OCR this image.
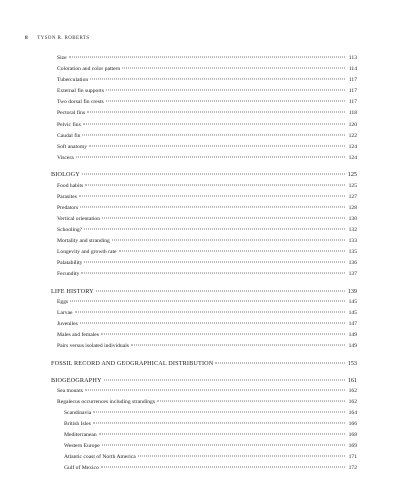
8 TYSON R. ROBERTS
Size	113
Coloration and color pattern	114
Tuberculation	117
External fin supports	117
Two dorsal fin crests	117
Pectoral fins	118
Pelvic fins	120
Caudal fin	122
Soft anatomy	124
Viscera	124
BIOLOGY	125
Food habits	125
Parasites	127
Predators	128
Vertical orientation	130
Schooling?	132
Mortality and stranding	133
Longevity and growth rate	135
Palatability	136
Fecundity	137
LIFE HISTORY	139
Eggs	145
Larvae	145
Juveniles	147
Males and females	149
Pairs versus isolated individuals	149
FOSSIL RECORD AND GEOGRAPHICAL DISTRIBUTION	153
BIOGEOGRAPHY	161
Sea mounts	162
Regalecus occurrences including strandings	162
Scandinavia	164
British Isles	166
Mediterranean	168
Western Europe	169
Atlantic coast of North America	171
Gulf of Mexico	172
